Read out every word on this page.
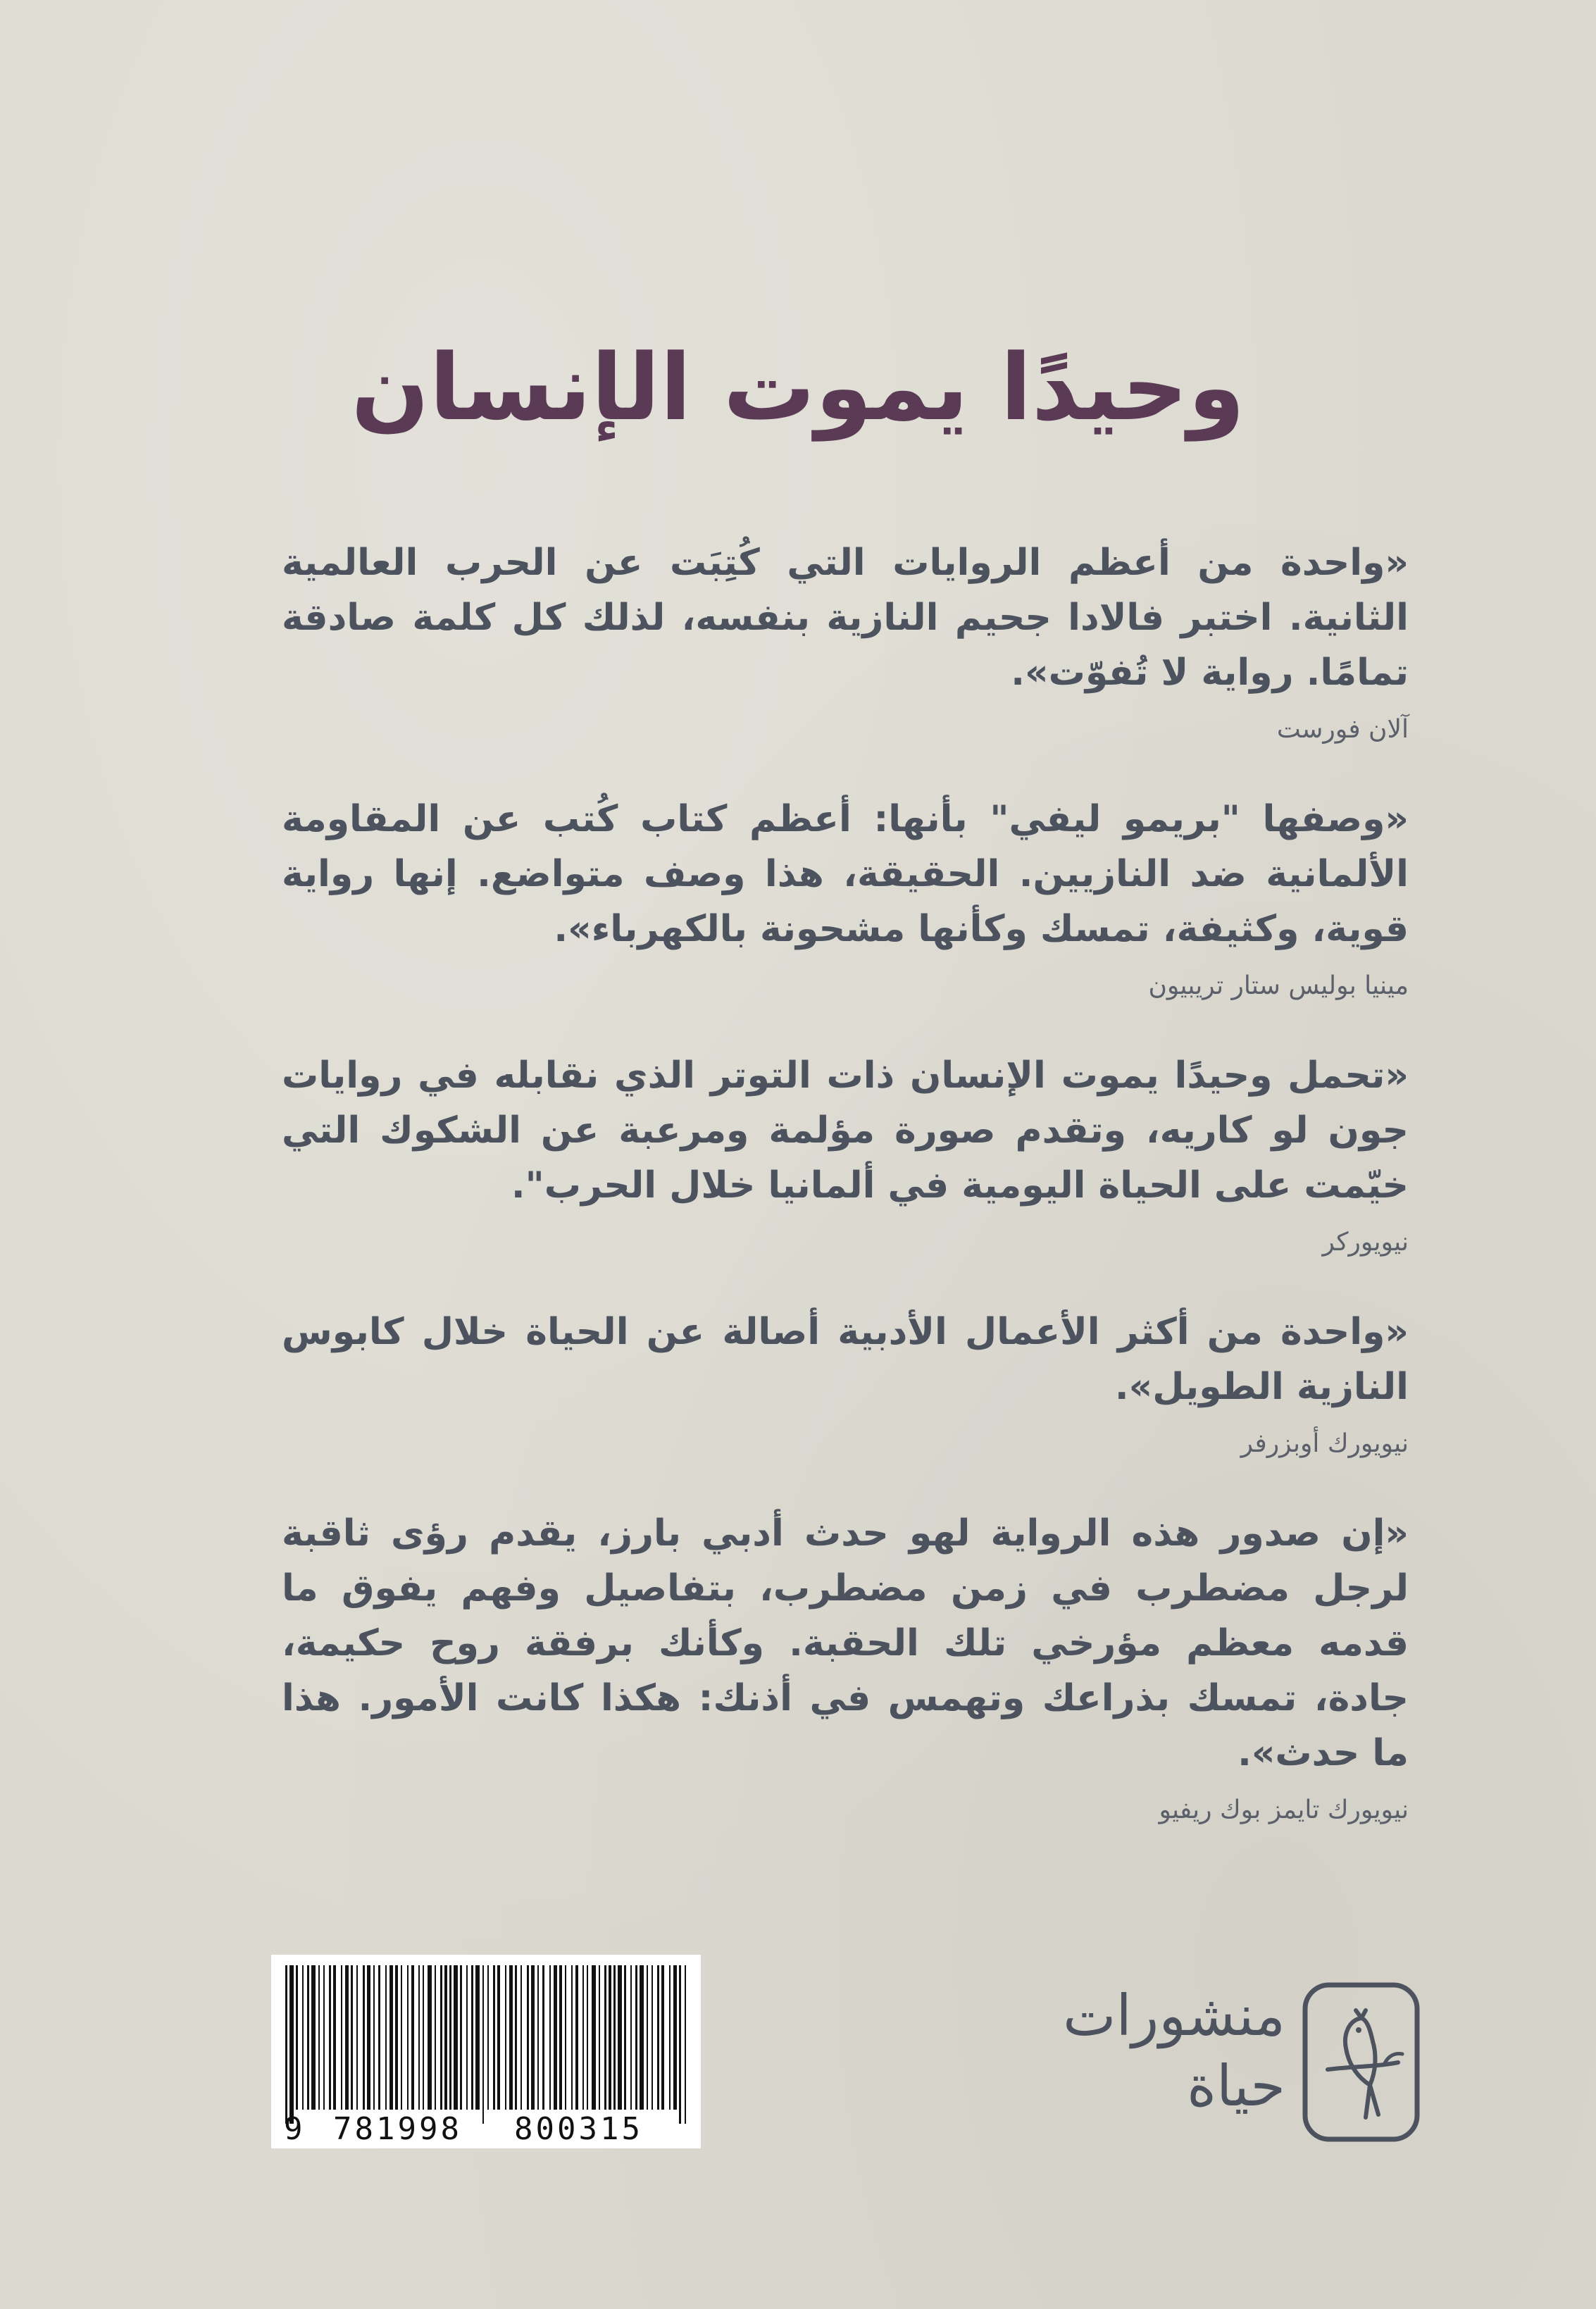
وحيدًا يموت الإنسان

«واحدة من أعظم الروايات التي كُتِبَت عن الحرب العالمية الثانية. اختبر فالادا جحيم النازية بنفسه، لذلك كل كلمة صادقة تمامًا. رواية لا تُفوّت».

آلان فورست

«وصفها "بريمو ليفي" بأنها: أعظم كتاب كُتب عن المقاومة الألمانية ضد النازيين. الحقيقة، هذا وصف متواضع. إنها رواية قوية، وكثيفة، تمسك وكأنها مشحونة بالكهرباء».

مينيا بوليس ستار تريبيون

«تحمل وحيدًا يموت الإنسان ذات التوتر الذي نقابله في روايات جون لو كاريه، وتقدم صورة مؤلمة ومرعبة عن الشكوك التي خيّمت على الحياة اليومية في ألمانيا خلال الحرب".

نيويوركر

«واحدة من أكثر الأعمال الأدبية أصالة عن الحياة خلال كابوس النازية الطويل».

نيويورك أوبزرفر

«إن صدور هذه الرواية لهو حدث أدبي بارز، يقدم رؤى ثاقبة لرجل مضطرب في زمن مضطرب، بتفاصيل وفهم يفوق ما قدمه معظم مؤرخي تلك الحقبة. وكأنك برفقة روح حكيمة، جادة، تمسك بذراعك وتهمس في أذنك: هكذا كانت الأمور. هذا ما حدث».

نيويورك تايمز بوك ريفيو

9 781998 800315
منشورات
حياة
